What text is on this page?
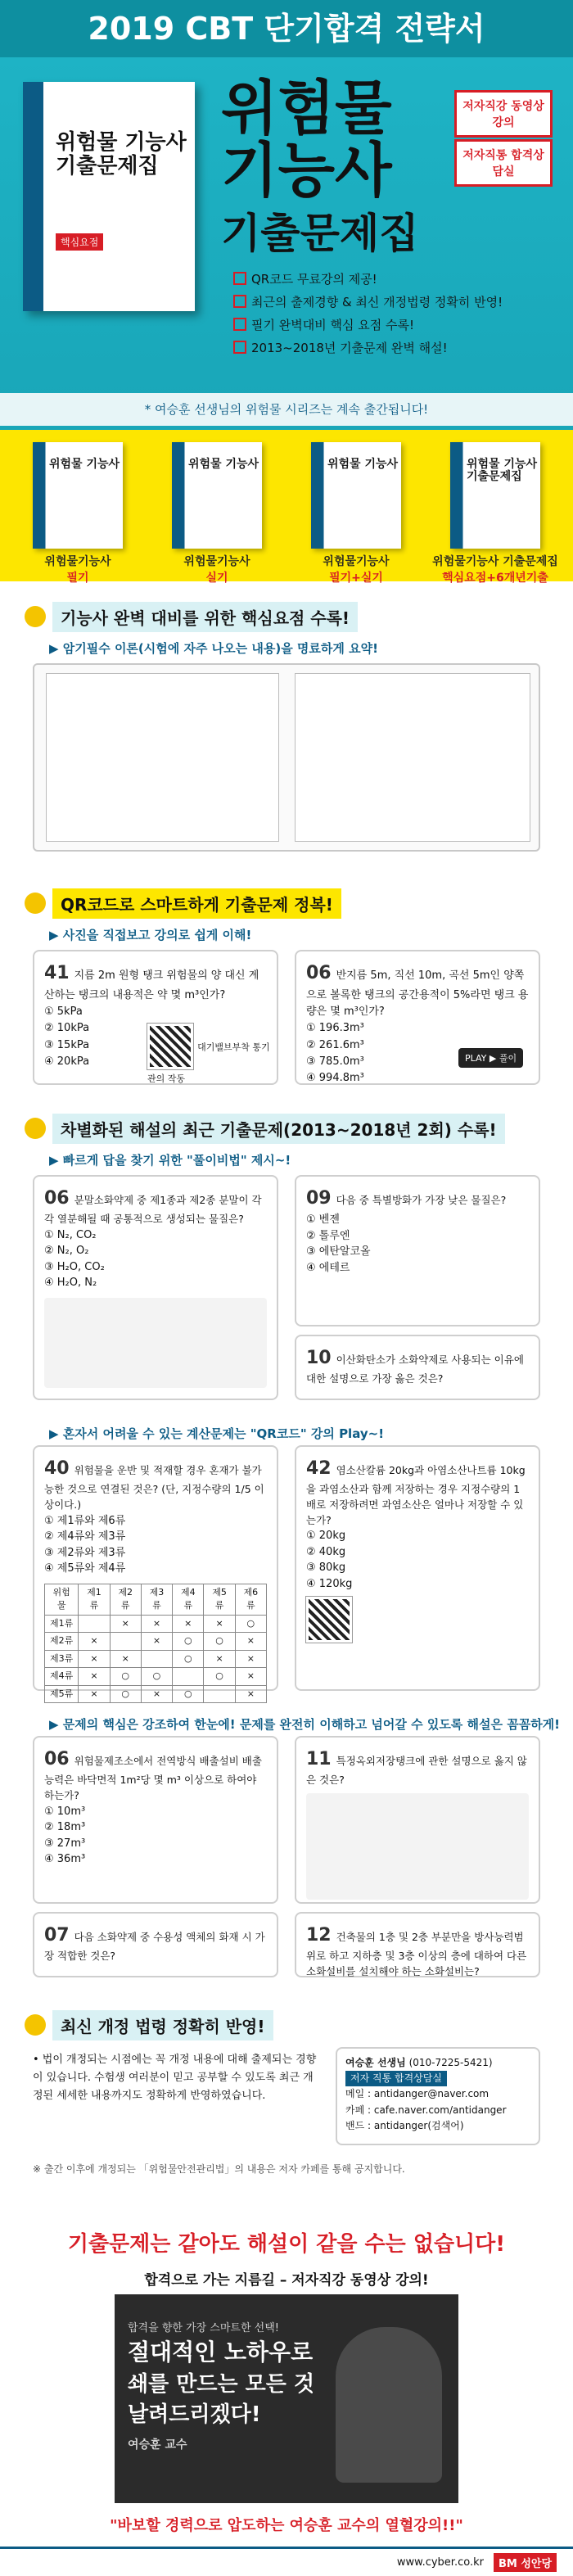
2019 CBT 단기합격 전략서
위험물 기능사 기출문제집
핵심요점
위험물
기능사
기출문제집
저자직강 동영상 강의
저자직통 합격상담실
QR코드 무료강의 제공!
최근의 출제경향 & 최신 개정법령 정확히 반영!
필기 완벽대비 핵심 요점 수록!
2013~2018년 기출문제 완벽 해설!
* 여승훈 선생님의 위험물 시리즈는 계속 출간됩니다!
위험물 기능사
위험물기능사
필기
위험물 기능사
위험물기능사
실기
위험물 기능사
위험물기능사
필기+실기
위험물 기능사 기출문제집
위험물기능사 기출문제집
핵심요점+6개년기출
기능사 완벽 대비를 위한 핵심요점 수록!
▶ 암기필수 이론(시험에 자주 나오는 내용)을 명료하게 요약!
QR코드로 스마트하게 기출문제 정복!
▶ 사진을 직접보고 강의로 쉽게 이해!
41 지름 2m 원형 탱크 위험물의 양 대신 계산하는 탱크의 내용적은 약 몇 m³인가?
① 5kPa
② 10kPa
③ 15kPa
④ 20kPa
대기밸브부착 통기관의 작동
06 반지름 5m, 직선 10m, 곡선 5m인 양쪽으로 볼록한 탱크의 공간용적이 5%라면 탱크 용량은 몇 m³인가?
① 196.3m³
② 261.6m³
③ 785.0m³
④ 994.8m³
PLAY ▶ 풀이
차별화된 해설의 최근 기출문제(2013~2018년 2회) 수록!
▶ 빠르게 답을 찾기 위한 "풀이비법" 제시~!
06 분말소화약제 중 제1종과 제2종 분말이 각각 열분해될 때 공통적으로 생성되는 물질은?
① N₂, CO₂
② N₂, O₂
③ H₂O, CO₂
④ H₂O, N₂
09 다음 중 특별방화가 가장 낮은 물질은?
① 벤젠
② 톨루엔
③ 에탄알코올
④ 에테르
10 이산화탄소가 소화약제로 사용되는 이유에 대한 설명으로 가장 옳은 것은?
▶ 혼자서 어려울 수 있는 계산문제는 "QR코드" 강의 Play~!
40 위험물을 운반 및 적재할 경우 혼재가 불가능한 것으로 연결된 것은? (단, 지정수량의 1/5 이상이다.)
① 제1류와 제6류
② 제4류와 제3류
③ 제2류와 제3류
④ 제5류와 제4류
위험물	제1류	제2류	제3류	제4류	제5류	제6류
제1류		×	×	×	×	○
제2류	×		×	○	○	×
제3류	×	×		○	×	×
제4류	×	○	○		○	×
제5류	×	○	×	○		×
42 염소산칼륨 20kg과 아염소산나트륨 10kg을 과염소산과 함께 저장하는 경우 지정수량의 1배로 저장하려면 과염소산은 얼마나 저장할 수 있는가?
① 20kg
② 40kg
③ 80kg
④ 120kg
▶ 문제의 핵심은 강조하여 한눈에! 문제를 완전히 이해하고 넘어갈 수 있도록 해설은 꼼꼼하게!
06 위험물제조소에서 전역방식 배출설비 배출능력은 바닥면적 1m²당 몇 m³ 이상으로 하여야 하는가?
① 10m³
② 18m³
③ 27m³
④ 36m³
07 다음 소화약제 중 수용성 액체의 화재 시 가장 적합한 것은?
11 특정옥외저장탱크에 관한 설명으로 옳지 않은 것은?
12 건축물의 1층 및 2층 부분만을 방사능력범위로 하고 지하층 및 3층 이상의 층에 대하여 다른 소화설비를 설치해야 하는 소화설비는?
최신 개정 법령 정확히 반영!
• 법이 개정되는 시점에는 꼭 개정 내용에 대해 출제되는 경향이 있습니다. 수험생 여러분이 믿고 공부할 수 있도록 최근 개정된 세세한 내용까지도 정확하게 반영하였습니다.
※ 출간 이후에 개정되는 「위험물안전관리법」의 내용은 저자 카페를 통해 공지합니다.
여승훈 선생님 (010-7225-5421)
저자 직통 합격상담실
메일 : antidanger@naver.com
카페 : cafe.naver.com/antidanger
밴드 : antidanger(검색어)
기출문제는 같아도 해설이 같을 수는 없습니다!
합격으로 가는 지름길 – 저자직강 동영상 강의!
합격을 향한 가장 스마트한 선택!
절대적인 노하우로
쇄를 만드는 모든 것
날려드리겠다!
여승훈 교수
"바보할 경력으로 압도하는 여승훈 교수의 열혈강의!!"
www.cyber.co.kr	BM 성안당
